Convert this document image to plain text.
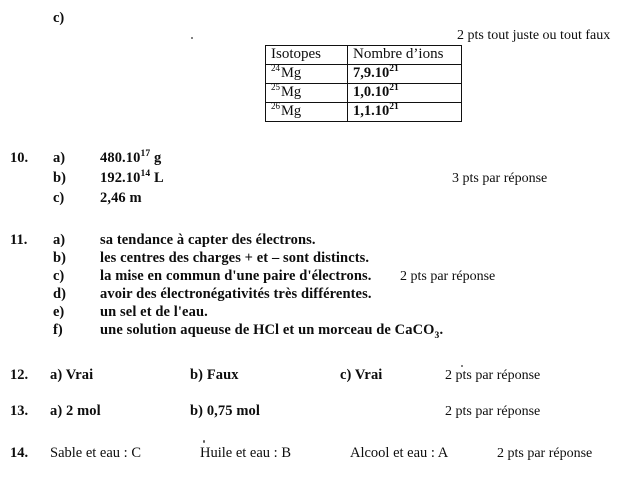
c)
2 pts tout juste ou tout faux
Isotopes	Nombre d’ions
$^{24}$Mg	7,9.10$^{21}$
$^{25}$Mg	1,0.10$^{21}$
$^{26}$Mg	1,1.10$^{21}$
10. a) 480.10$^{17}$ g
b) 192.10$^{14}$ L	3 pts par réponse
c) 2,46 m
11. a) sa tendance à capter des électrons.
b) les centres des charges + et – sont distincts.
c) la mise en commun d'une paire d'électrons. 2 pts par réponse
d) avoir des électronégativités très différentes.
e) un sel et de l'eau.
f)	une solution aqueuse de HCl et un morceau de CaCO$_3$.
12. a) Vrai	b) Faux	c) Vrai	2 pts par réponse
13. a) 2 mol	b) 0,75 mol	2 pts par réponse
14. Sable et eau : C	Huile et eau : B	Alcool et eau : A	2 pts par réponse
